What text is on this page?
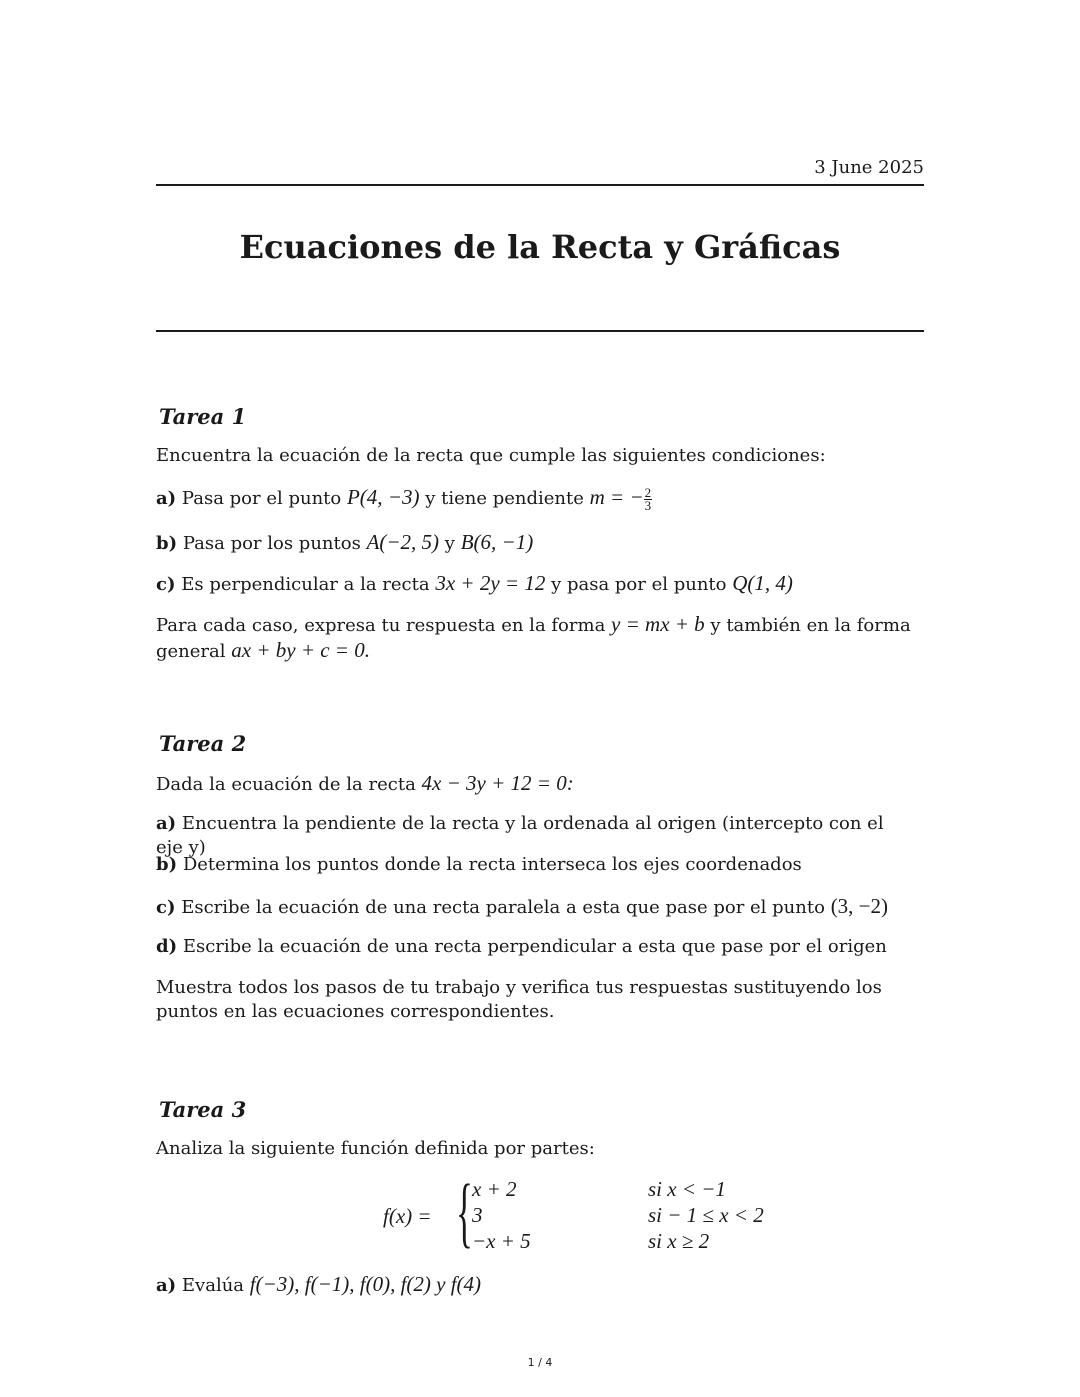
3 June 2025
Ecuaciones de la Recta y Gráficas
Tarea 1

Encuentra la ecuación de la recta que cumple las siguientes condiciones:

a) Pasa por el punto P(4, −3) y tiene pendiente m = − $\frac{2}{3}$
b) Pasa por los puntos A(−2, 5) y B(6, −1)
c) Es perpendicular a la recta 3x + 2y = 12 y pasa por el punto Q(1, 4)

Para cada caso, expresa tu respuesta en la forma y = mx + b y también en la forma general ax + by + c = 0.

Tarea 2
Dada la ecuación de la recta 4x − 3y + 12 = 0:
a) Encuentra la pendiente de la recta y la ordenada al origen (intercepto con el eje y)
b) Determina los puntos donde la recta interseca los ejes coordenados
c) Escribe la ecuación de una recta paralela a esta que pase por el punto (3, −2)
d) Escribe la ecuación de una recta perpendicular a esta que pase por el origen

Muestra todos los pasos de tu trabajo y verifica tus respuestas sustituyendo los puntos en las ecuaciones correspondientes.

Tarea 3

Analiza la siguiente función definida por partes:

f(x) = { x + 2	si x < −1
3	si − 1 ≤ x < 2
−x + 5	si x ≥ 2
a) Evalúa f(−3), f(−1), f(0), f(2) y f(4)
1 / 4
